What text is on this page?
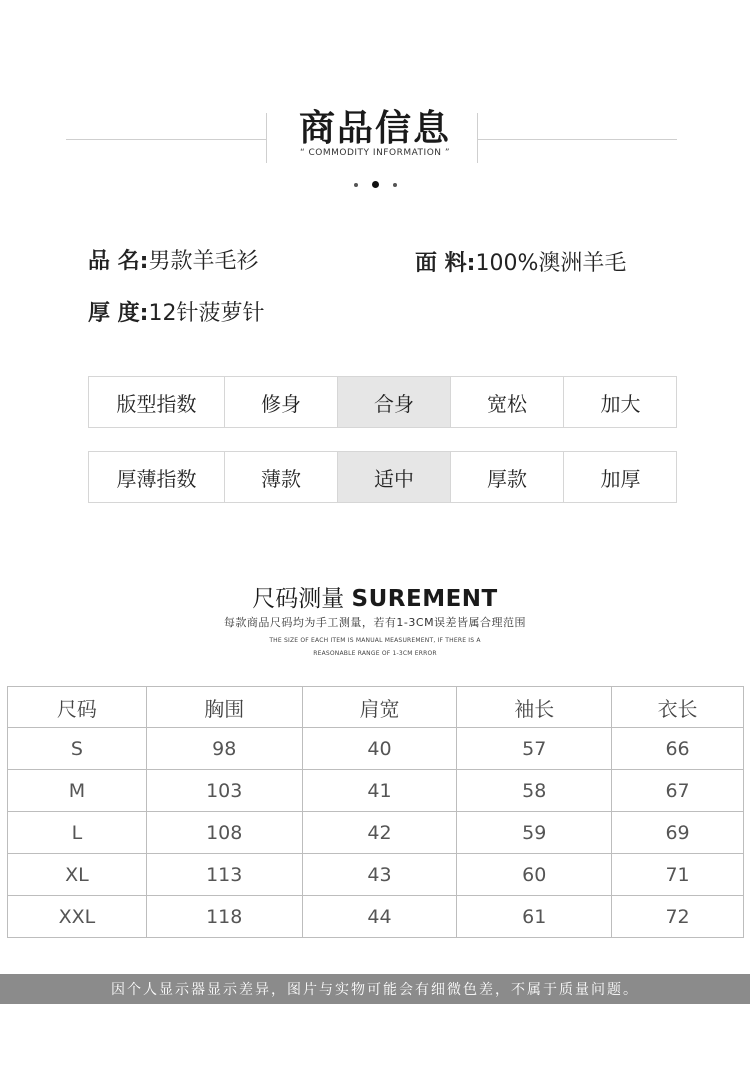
商品信息
“ COMMODITY INFORMATION ”
品 名:男款羊毛衫	面 料:100%澳洲羊毛
厚 度:12针菠萝针
版型指数	修身	合身	宽松	加大
厚薄指数	薄款	适中	厚款	加厚
尺码测量 SUREMENT
每款商品尺码均为手工测量，若有1-3CM误差皆属合理范围
THE SIZE OF EACH ITEM IS MANUAL MEASUREMENT, IF THERE IS A
REASONABLE RANGE OF 1-3CM ERROR
尺码	胸围	肩宽	袖长	衣长
S	98	40	57	66
M	103	41	58	67
L	108	42	59	69
XL	113	43	60	71
XXL	118	44	61	72
因个人显示器显示差异，图片与实物可能会有细微色差，不属于质量问题。
